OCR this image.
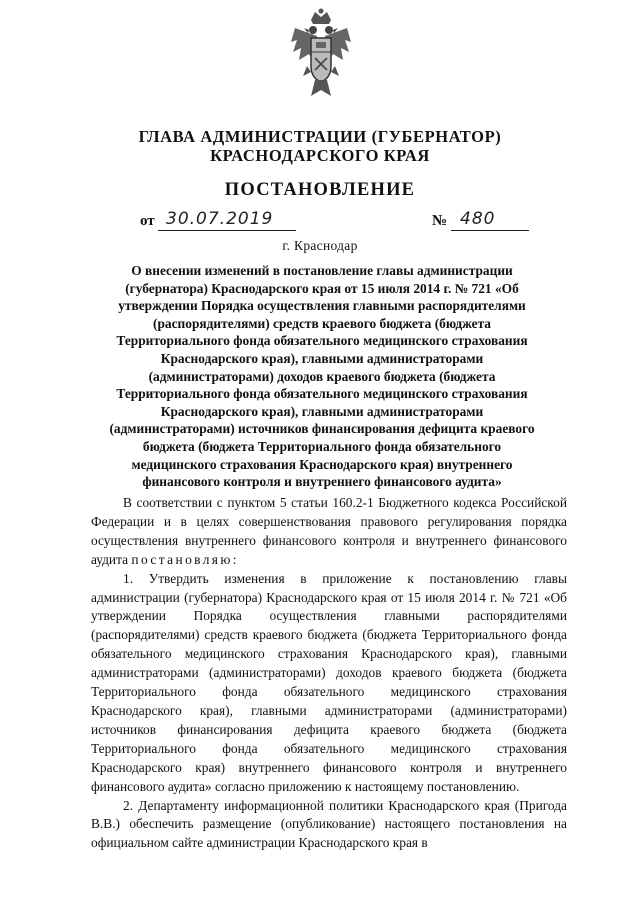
ГЛАВА АДМИНИСТРАЦИИ (ГУБЕРНАТОР)
КРАСНОДАРСКОГО КРАЯ
ПОСТАНОВЛЕНИЕ
от 30.07.2019	№ 480
г. Краснодар
О внесении изменений в постановление главы администрации (губернатора) Краснодарского края от 15 июля 2014 г. № 721 «Об утверждении Порядка осуществления главными распорядителями (распорядителями) средств краевого бюджета (бюджета Территориального фонда обязательного медицинского страхования Краснодарского края), главными администраторами (администраторами) доходов краевого бюджета (бюджета Территориального фонда обязательного медицинского страхования Краснодарского края), главными администраторами (администраторами) источников финансирования дефицита краевого бюджета (бюджета Территориального фонда обязательного медицинского страхования Краснодарского края) внутреннего финансового контроля и внутреннего финансового аудита»

В соответствии с пунктом 5 статьи 160.2-1 Бюджетного кодекса Российской Федерации и в целях совершенствования правового регулирования порядка осуществления внутреннего финансового контроля и внутреннего финансового аудита постановляю:

1. Утвердить изменения в приложение к постановлению главы администрации (губернатора) Краснодарского края от 15 июля 2014 г. № 721 «Об утверждении Порядка осуществления главными распорядителями (распорядителями) средств краевого бюджета (бюджета Территориального фонда обязательного медицинского страхования Краснодарского края), главными администраторами (администраторами) доходов краевого бюджета (бюджета Территориального фонда обязательного медицинского страхования Краснодарского края), главными администраторами (администраторами) источников финансирования дефицита краевого бюджета (бюджета Территориального фонда обязательного медицинского страхования Краснодарского края) внутреннего финансового контроля и внутреннего финансового аудита» согласно приложению к настоящему постановлению.

2. Департаменту информационной политики Краснодарского края (Пригода В.В.) обеспечить размещение (опубликование) настоящего постановления на официальном сайте администрации Краснодарского края в
